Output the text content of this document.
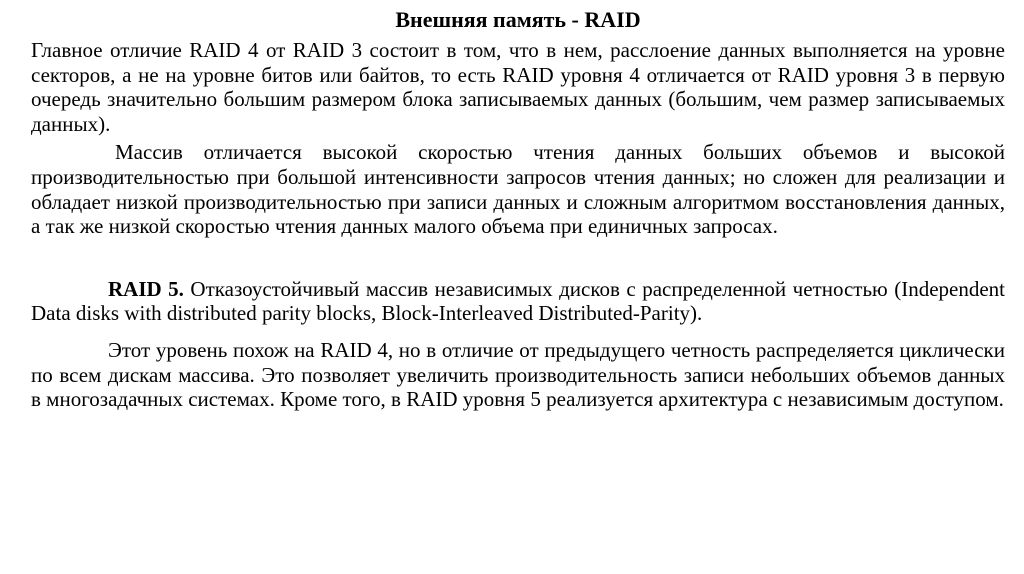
Внешняя память - RAID

Главное отличие RAID 4 от RAID 3 состоит в том, что в нем, расслоение данных выполняется на уровне секторов, а не на уровне битов или байтов, то есть RAID уровня 4 отличается от RAID уровня 3 в первую очередь значительно большим размером блока записываемых данных (большим, чем размер записываемых данных).

Массив отличается высокой скоростью чтения данных больших объемов и высокой производительностью при большой интенсивности запросов чтения данных; но сложен для реализации и обладает низкой производительностью при записи данных и сложным алгоритмом восстановления данных, а так же низкой скоростью чтения данных малого объема при единичных запросах.

RAID 5. Отказоустойчивый массив независимых дисков с распределенной четностью (Independent Data disks with distributed parity blocks, Block-Interleaved Distributed-Parity).

Этот уровень похож на RAID 4, но в отличие от предыдущего четность распределяется циклически по всем дискам массива. Это позволяет увеличить производительность записи небольших объемов данных в многозадачных системах. Кроме того, в RAID уровня 5 реализуется архитектура с независимым доступом.
